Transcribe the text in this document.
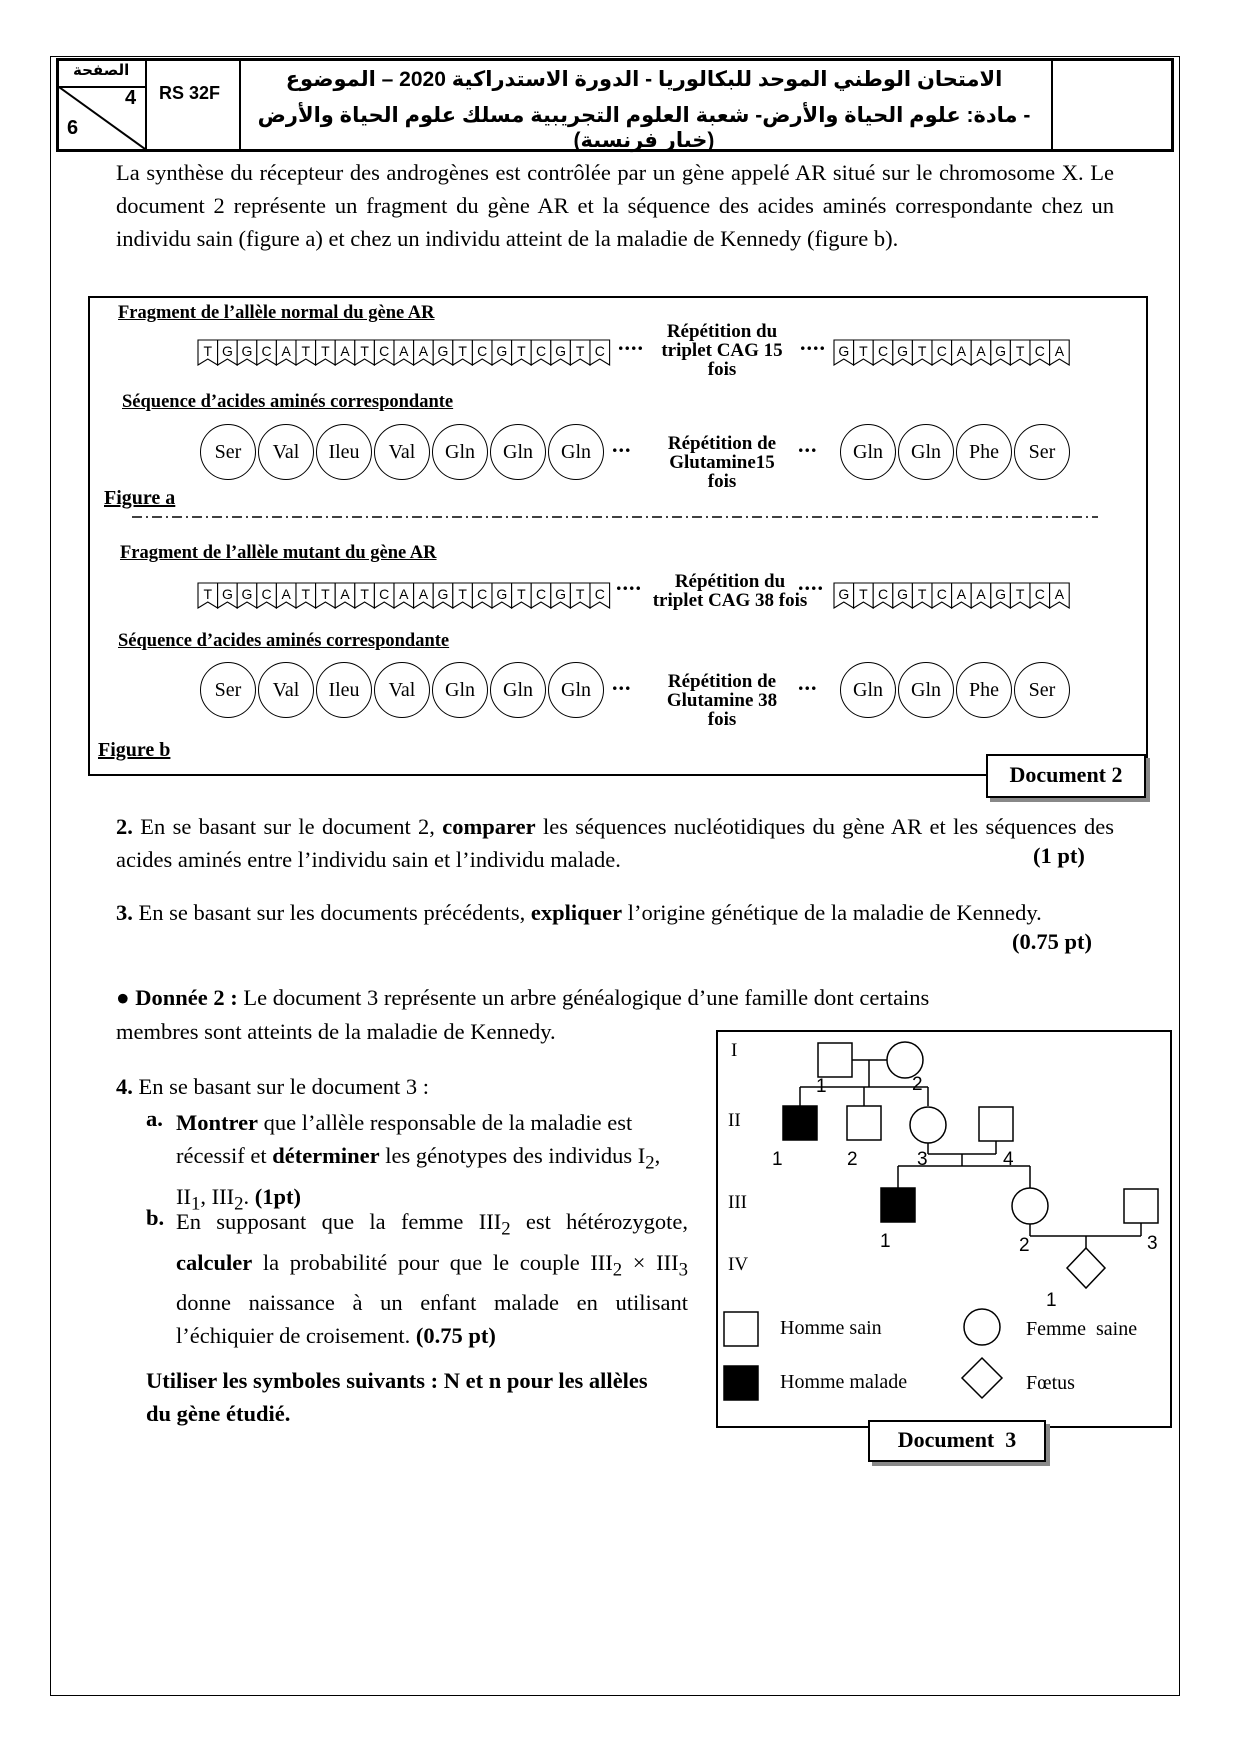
الصفحة
4
6
RS 32F
الامتحان الوطني الموحد للبكالوريا - الدورة الاستدراكية 2020 – الموضوع
- مادة: علوم الحياة والأرض- شعبة العلوم التجريبية مسلك علوم الحياة والأرض (خيار فرنسية)
La synthèse du récepteur des androgènes est contrôlée par un gène appelé AR situé sur le chromosome X. Le document 2 représente un fragment du gène AR et la séquence des acides aminés correspondante chez un individu sain (figure a) et chez un individu atteint de la maladie de Kennedy (figure b).
Fragment de l’allèle normal du gène AR
T G G C A T T A T C A A G T C G T C G T C ....	Répétition du
triplet CAG 15
fois
.... G T C G T C A A G T C A
Séquence d’acides aminés correspondante
Ser	Val	Ileu	Val	Gln	Gln	Gln ...	Répétition de
Glutamine15
fois
...	Gln	Gln	Phe	Ser
Figure a
Fragment de l’allèle mutant du gène AR
T G G C A T T A T C A A G T C G T C G T C ....	Répétition du
triplet CAG 38 fois
.... G T C G T C A A G T C A
Séquence d’acides aminés correspondante
Ser	Val	Ileu	Val	Gln	Gln	Gln ...	Répétition de
Glutamine 38
fois
...	Gln	Gln	Phe	Ser
Figure b
Document 2
2. En se basant sur le document 2, comparer les séquences nucléotidiques du gène AR et les séquences des acides aminés entre l’individu sain et l’individu malade.	(1 pt)
3. En se basant sur les documents précédents, expliquer l’origine génétique de la maladie de Kennedy.
(0.75 pt)
● Donnée 2 : Le document 3 représente un arbre généalogique d’une famille dont certains
membres sont atteints de la maladie de Kennedy.
4. En se basant sur le document 3 :
a. Montrer que l’allèle responsable de la maladie est récessif et déterminer les génotypes des individus $I_2$, $II_1$, $III_2$. (1pt)
b. En supposant que la femme $III_2$ est hétérozygote, calculer la probabilité pour que le couple $III_2 \times III_3$ donne naissance à un enfant malade en utilisant l’échiquier de croisement. (0.75 pt)
Utiliser les symboles suivants : N et n pour les allèles du gène étudié.
I
II
III
IV
1	2
1	2	3	4
1	2	3
1
Homme sain	Femme  saine
Homme malade	Fœtus
Document  3
